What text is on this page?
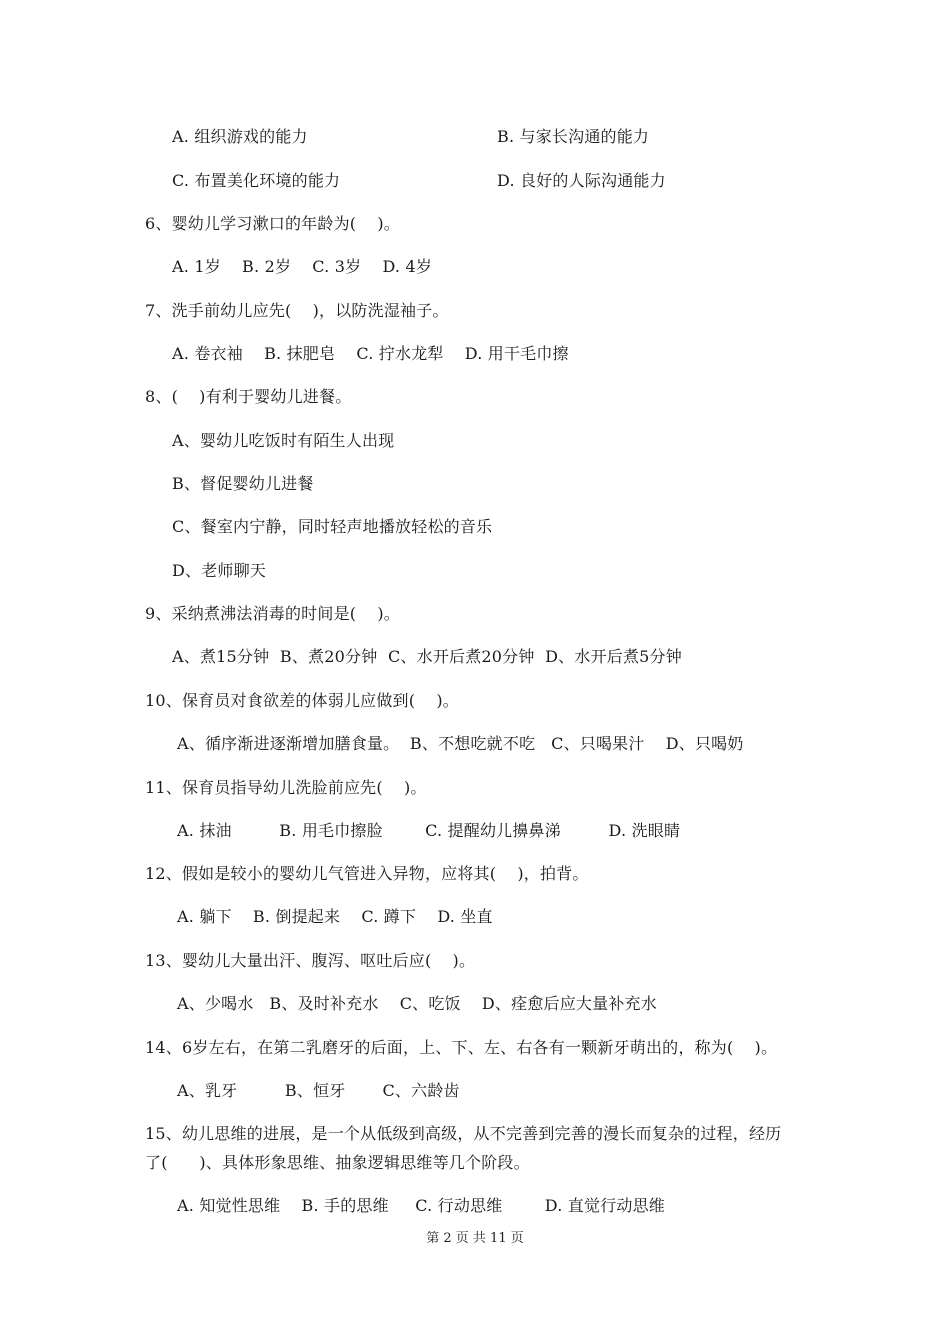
A. 组织游戏的能力	B. 与家长沟通的能力
C. 布置美化环境的能力	D. 良好的人际沟通能力
6、婴幼儿学习漱口的年龄为(    )。
A. 1岁    B. 2岁    C. 3岁    D. 4岁
7、洗手前幼儿应先(    )，以防洗湿袖子。
A. 卷衣袖    B. 抹肥皂    C. 拧水龙犁    D. 用干毛巾擦
8、(    )有利于婴幼儿进餐。
A、婴幼儿吃饭时有陌生人出现
B、督促婴幼儿进餐
C、餐室内宁静，同时轻声地播放轻松的音乐
D、老师聊天
9、采纳煮沸法消毒的时间是(    )。
A、煮15分钟  B、煮20分钟  C、水开后煮20分钟  D、水开后煮5分钟
10、保育员对食欲差的体弱儿应做到(    )。
A、循序渐进逐渐增加膳食量。  B、不想吃就不吃   C、只喝果汁    D、只喝奶
11、保育员指导幼儿洗脸前应先(    )。
A. 抹油         B. 用毛巾擦脸        C. 提醒幼儿擤鼻涕         D. 洗眼睛
12、假如是较小的婴幼儿气管进入异物，应将其(    )，拍背。
A. 躺下    B. 倒提起来    C. 蹲下    D. 坐直
13、婴幼儿大量出汗、腹泻、呕吐后应(    )。
A、少喝水   B、及时补充水    C、吃饭    D、痊愈后应大量补充水
14、6岁左右，在第二乳磨牙的后面，上、下、左、右各有一颗新牙萌出的，称为(    )。
A、乳牙         B、恒牙       C、六龄齿
15、幼儿思维的进展，是一个从低级到高级，从不完善到完善的漫长而复杂的过程，经历
了(      )、具体形象思维、抽象逻辑思维等几个阶段。
A. 知觉性思维    B. 手的思维     C. 行动思维        D. 直觉行动思维
第 2 页 共 11 页
